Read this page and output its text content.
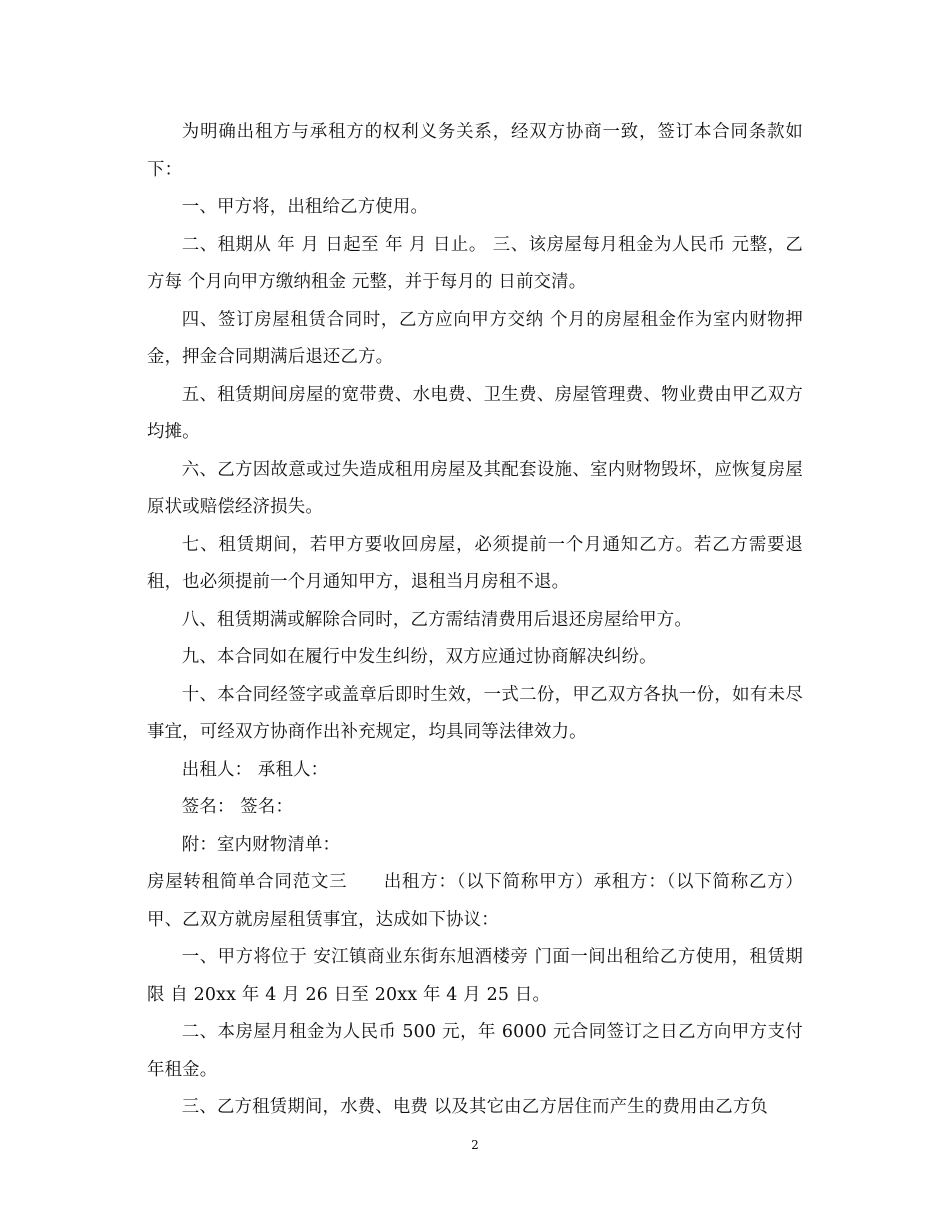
为明确出租方与承租方的权利义务关系，经双方协商一致，签订本合同条款如下：

一、甲方将，出租给乙方使用。

二、租期从 年 月 日起至 年 月 日止。 三、该房屋每月租金为人民币 元整，乙方每 个月向甲方缴纳租金 元整，并于每月的 日前交清。

四、签订房屋租赁合同时，乙方应向甲方交纳 个月的房屋租金作为室内财物押金，押金合同期满后退还乙方。

五、租赁期间房屋的宽带费、水电费、卫生费、房屋管理费、物业费由甲乙双方均摊。

六、乙方因故意或过失造成租用房屋及其配套设施、室内财物毁坏，应恢复房屋原状或赔偿经济损失。

七、租赁期间，若甲方要收回房屋，必须提前一个月通知乙方。若乙方需要退租，也必须提前一个月通知甲方，退租当月房租不退。

八、租赁期满或解除合同时，乙方需结清费用后退还房屋给甲方。

九、本合同如在履行中发生纠纷，双方应通过协商解决纠纷。

十、本合同经签字或盖章后即时生效，一式二份，甲乙双方各执一份，如有未尽事宜，可经双方协商作出补充规定，均具同等法律效力。

出租人： 承租人：

签名： 签名：

附：室内财物清单：

房屋转租简单合同范文三　　出租方：（以下简称甲方）承租方：（以下简称乙方）甲、乙双方就房屋租赁事宜，达成如下协议：

一、甲方将位于 安江镇商业东街东旭酒楼旁 门面一间出租给乙方使用，租赁期限 自 20xx 年 4 月 26 日至 20xx 年 4 月 25 日。

二、本房屋月租金为人民币 500 元，年 6000 元合同签订之日乙方向甲方支付年租金。

三、乙方租赁期间，水费、电费 以及其它由乙方居住而产生的费用由乙方负

2
